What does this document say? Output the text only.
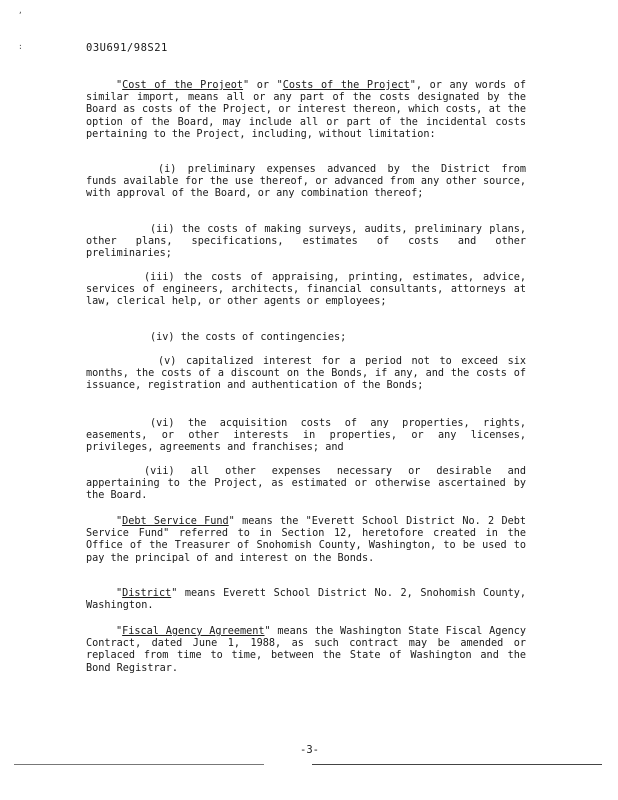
,
:	03U691/98S21

"Cost of the Projeot" or "Costs of the Project", or any words of similar import, means all or any part of the costs designated by the Board as costs of the Project, or interest thereon, which costs, at the option of the Board, may include all or part of the incidental costs pertaining to the Project, including, without limitation:

(i) preliminary expenses advanced by the District from funds available for the use thereof, or advanced from any other source, with approval of the Board, or any combination thereof;

(ii) the costs of making surveys, audits, preliminary plans, other plans, specifications, estimates of costs and other preliminaries;

(iii) the costs of appraising, printing, estimates, advice, services of engineers, architects, financial consultants, attorneys at law, clerical help, or other agents or employees;

(iv) the costs of contingencies;

(v) capitalized interest for a period not to exceed six months, the costs of a discount on the Bonds, if any, and the costs of issuance, registration and authentication of the Bonds;

(vi) the acquisition costs of any properties, rights, easements, or other interests in properties, or any licenses, privileges, agreements and franchises; and

(vii) all other expenses necessary or desirable and appertaining to the Project, as estimated or otherwise ascertained by the Board.

"Debt Service Fund" means the "Everett School District No. 2 Debt Service Fund" referred to in Section 12, heretofore created in the Office of the Treasurer of Snohomish County, Washington, to be used to pay the principal of and interest on the Bonds.

"District" means Everett School District No. 2, Snohomish County, Washington.

"Fiscal Agency Agreement" means the Washington State Fiscal Agency Contract, dated June 1, 1988, as such contract may be amended or replaced from time to time, between the State of Washington and the Bond Registrar.

-3-
